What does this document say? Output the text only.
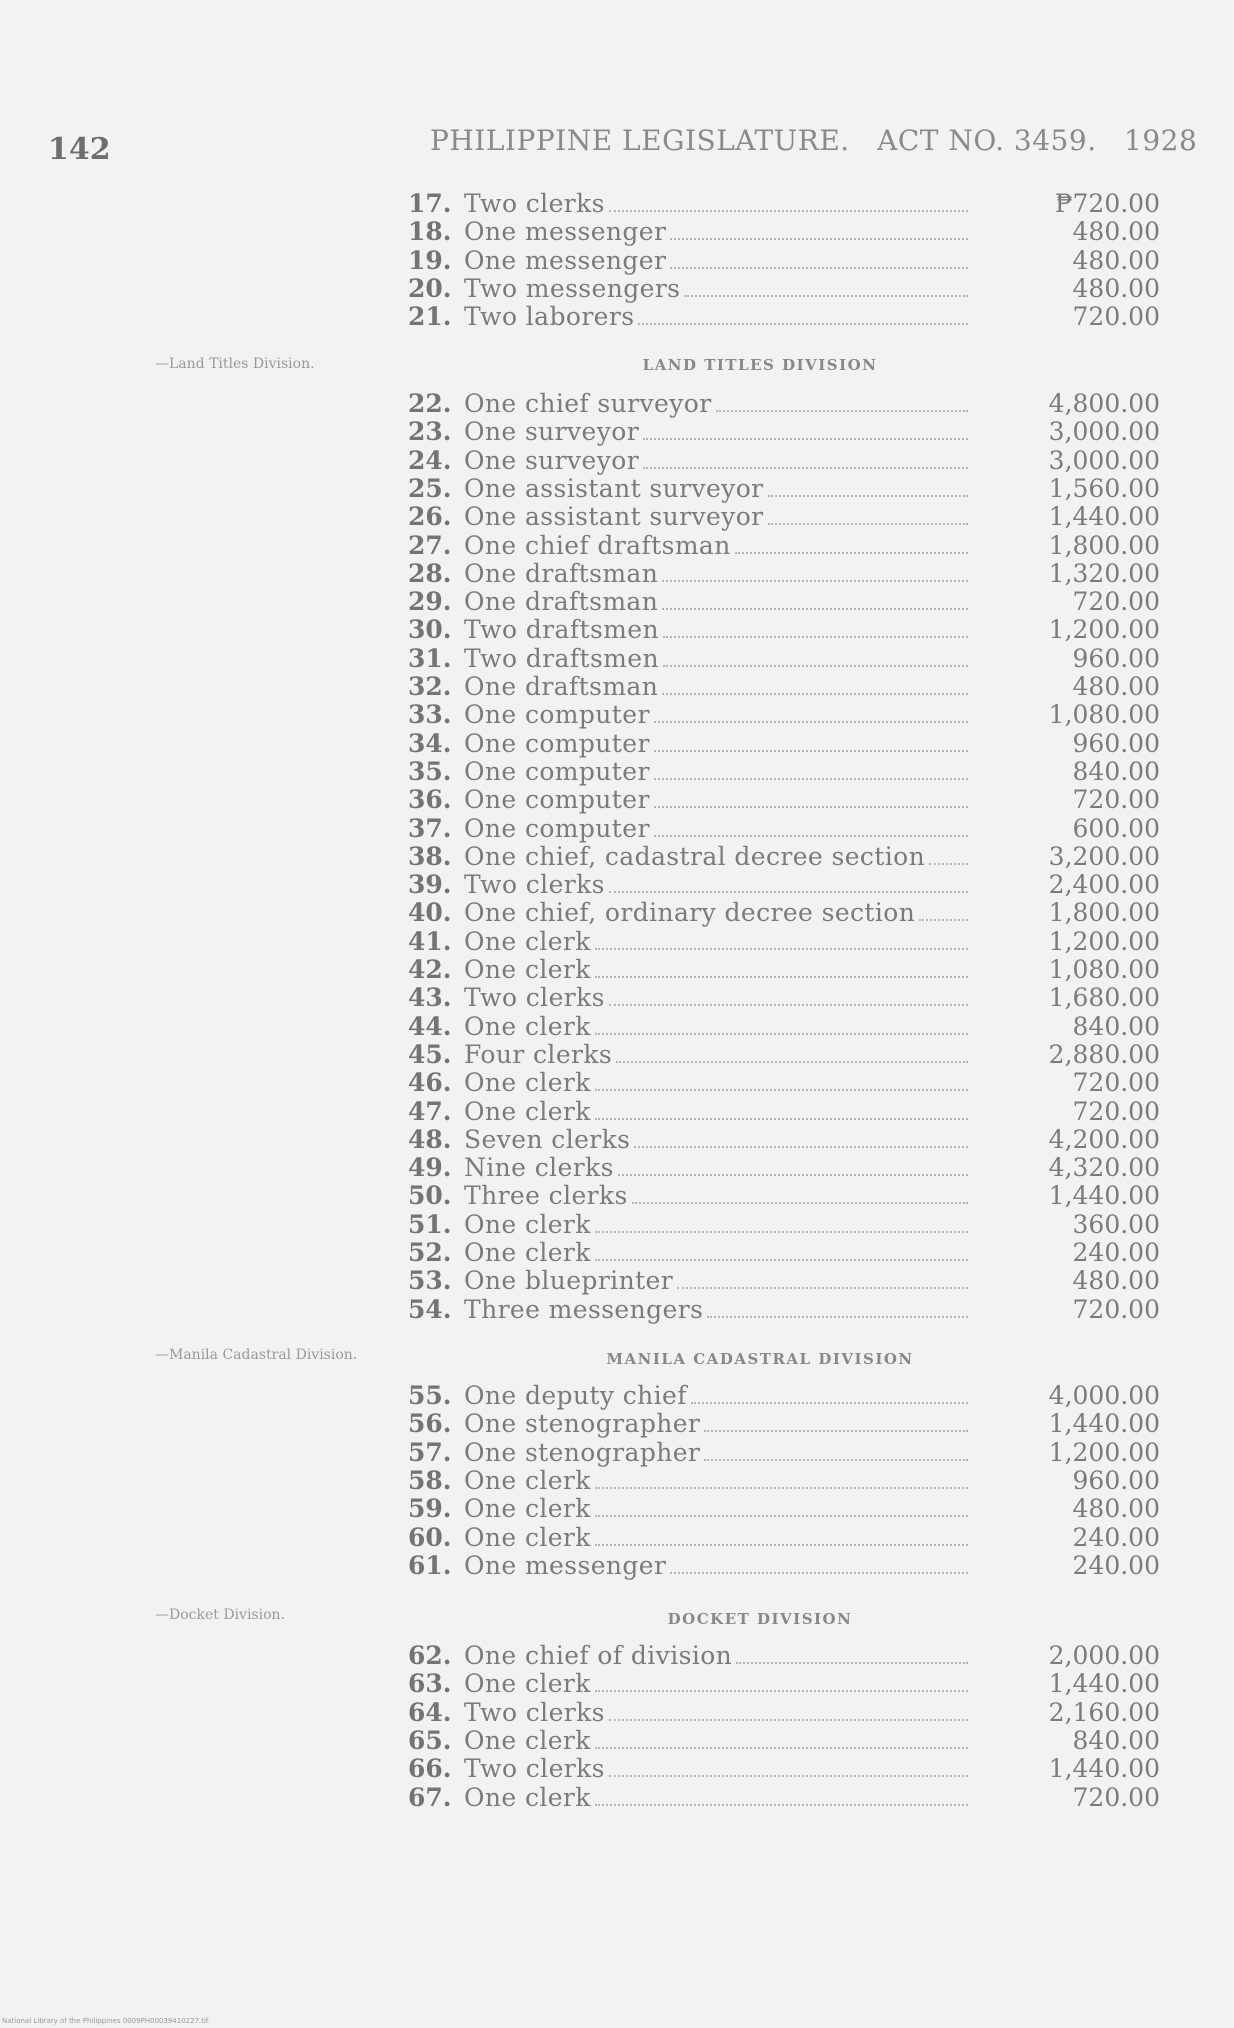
142	PHILIPPINE LEGISLATURE. ACT NO. 3459. 1928
17. Two clerks	₱720.00
18. One messenger	480.00
19. One messenger	480.00
20. Two messengers	480.00
21. Two laborers	720.00
LAND TITLES DIVISION
—Land Titles Division.
22. One chief surveyor	4,800.00
23. One surveyor	3,000.00
24. One surveyor	3,000.00
25. One assistant surveyor	1,560.00
26. One assistant surveyor	1,440.00
27. One chief draftsman	1,800.00
28. One draftsman	1,320.00
29. One draftsman	720.00
30. Two draftsmen	1,200.00
31. Two draftsmen	960.00
32. One draftsman	480.00
33. One computer	1,080.00
34. One computer	960.00
35. One computer	840.00
36. One computer	720.00
37. One computer	600.00
38. One chief, cadastral decree section	3,200.00
39. Two clerks	2,400.00
40. One chief, ordinary decree section	1,800.00
41. One clerk	1,200.00
42. One clerk	1,080.00
43. Two clerks	1,680.00
44. One clerk	840.00
45. Four clerks	2,880.00
46. One clerk	720.00
47. One clerk	720.00
48. Seven clerks	4,200.00
49. Nine clerks	4,320.00
50. Three clerks	1,440.00
51. One clerk	360.00
52. One clerk	240.00
53. One blueprinter	480.00
54. Three messengers	720.00
MANILA CADASTRAL DIVISION
—Manila Cadastral Division.
55. One deputy chief	4,000.00
56. One stenographer	1,440.00
57. One stenographer	1,200.00
58. One clerk	960.00
59. One clerk	480.00
60. One clerk	240.00
61. One messenger	240.00
DOCKET DIVISION
—Docket Division.
62. One chief of division	2,000.00
63. One clerk	1,440.00
64. Two clerks	2,160.00
65. One clerk	840.00
66. Two clerks	1,440.00
67. One clerk	720.00
National Library of the Philippines 0009PH00039410227.tif
